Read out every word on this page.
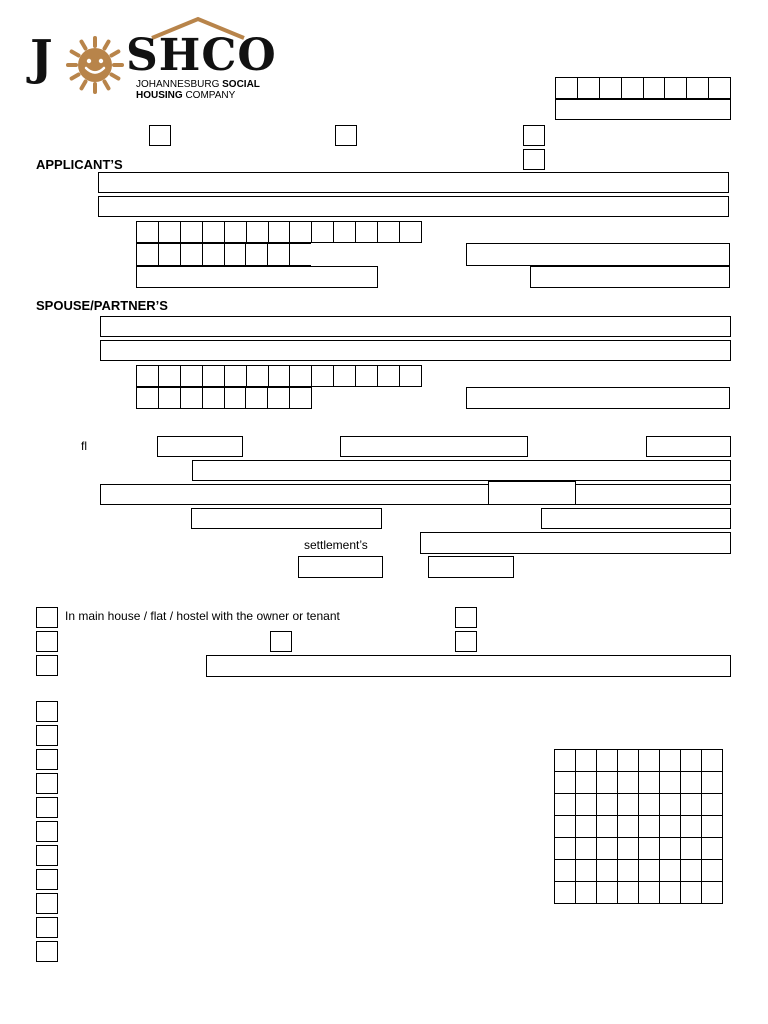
J SHCO
JOHANNESBURG SOCIAL
HOUSING COMPANY
APPLICANT’S
SPOUSE/PARTNER’S
fl
settlement’s
In main house / flat / hostel with the owner or tenant
